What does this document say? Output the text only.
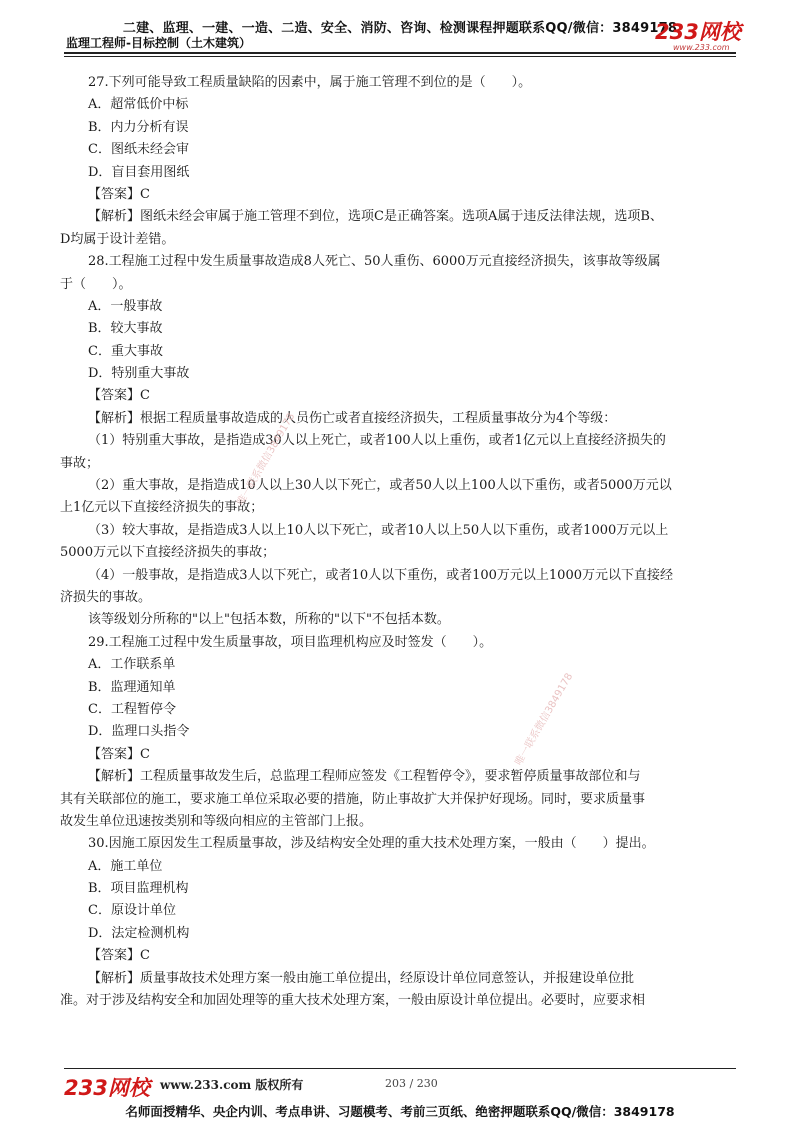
二建、监理、一建、一造、二造、安全、消防、咨询、检测课程押题联系QQ/微信：3849178
监理工程师-目标控制（土木建筑）	233网校
www.233.com
27.下列可能导致工程质量缺陷的因素中，属于施工管理不到位的是（　　）。
A．超常低价中标
B．内力分析有误
C．图纸未经会审
D．盲目套用图纸
【答案】C
【解析】图纸未经会审属于施工管理不到位，选项C是正确答案。选项A属于违反法律法规，选项B、
D均属于设计差错。
28.工程施工过程中发生质量事故造成8人死亡、50人重伤、6000万元直接经济损失，该事故等级属
于（　　）。
A．一般事故
B．较大事故
C．重大事故
D．特别重大事故
【答案】C
【解析】根据工程质量事故造成的人员伤亡或者直接经济损失，工程质量事故分为4个等级：
（1）特别重大事故，是指造成30人以上死亡，或者100人以上重伤，或者1亿元以上直接经济损失的
事故；
（2）重大事故，是指造成10人以上30人以下死亡，或者50人以上100人以下重伤，或者5000万元以
上1亿元以下直接经济损失的事故；
（3）较大事故，是指造成3人以上10人以下死亡，或者10人以上50人以下重伤，或者1000万元以上
5000万元以下直接经济损失的事故；
（4）一般事故，是指造成3人以下死亡，或者10人以下重伤，或者100万元以上1000万元以下直接经
济损失的事故。
该等级划分所称的"以上"包括本数，所称的"以下"不包括本数。
29.工程施工过程中发生质量事故，项目监理机构应及时签发（　　）。
A．工作联系单
B．监理通知单
C．工程暂停令
D．监理口头指令
【答案】C
【解析】工程质量事故发生后，总监理工程师应签发《工程暂停令》，要求暂停质量事故部位和与
其有关联部位的施工，要求施工单位采取必要的措施，防止事故扩大并保护好现场。同时，要求质量事
故发生单位迅速按类别和等级向相应的主管部门上报。
30.因施工原因发生工程质量事故，涉及结构安全处理的重大技术处理方案，一般由（　　）提出。
A．施工单位
B．项目监理机构
C．原设计单位
D．法定检测机构
【答案】C
【解析】质量事故技术处理方案一般由施工单位提出，经原设计单位同意签认，并报建设单位批
准。对于涉及结构安全和加固处理等的重大技术处理方案，一般由原设计单位提出。必要时，应要求相
唯一联系微信3849178
唯一联系微信3849178
233网校 www.233.com 版权所有	203 / 230
名师面授精华、央企内训、考点串讲、习题模考、考前三页纸、绝密押题联系QQ/微信：3849178
